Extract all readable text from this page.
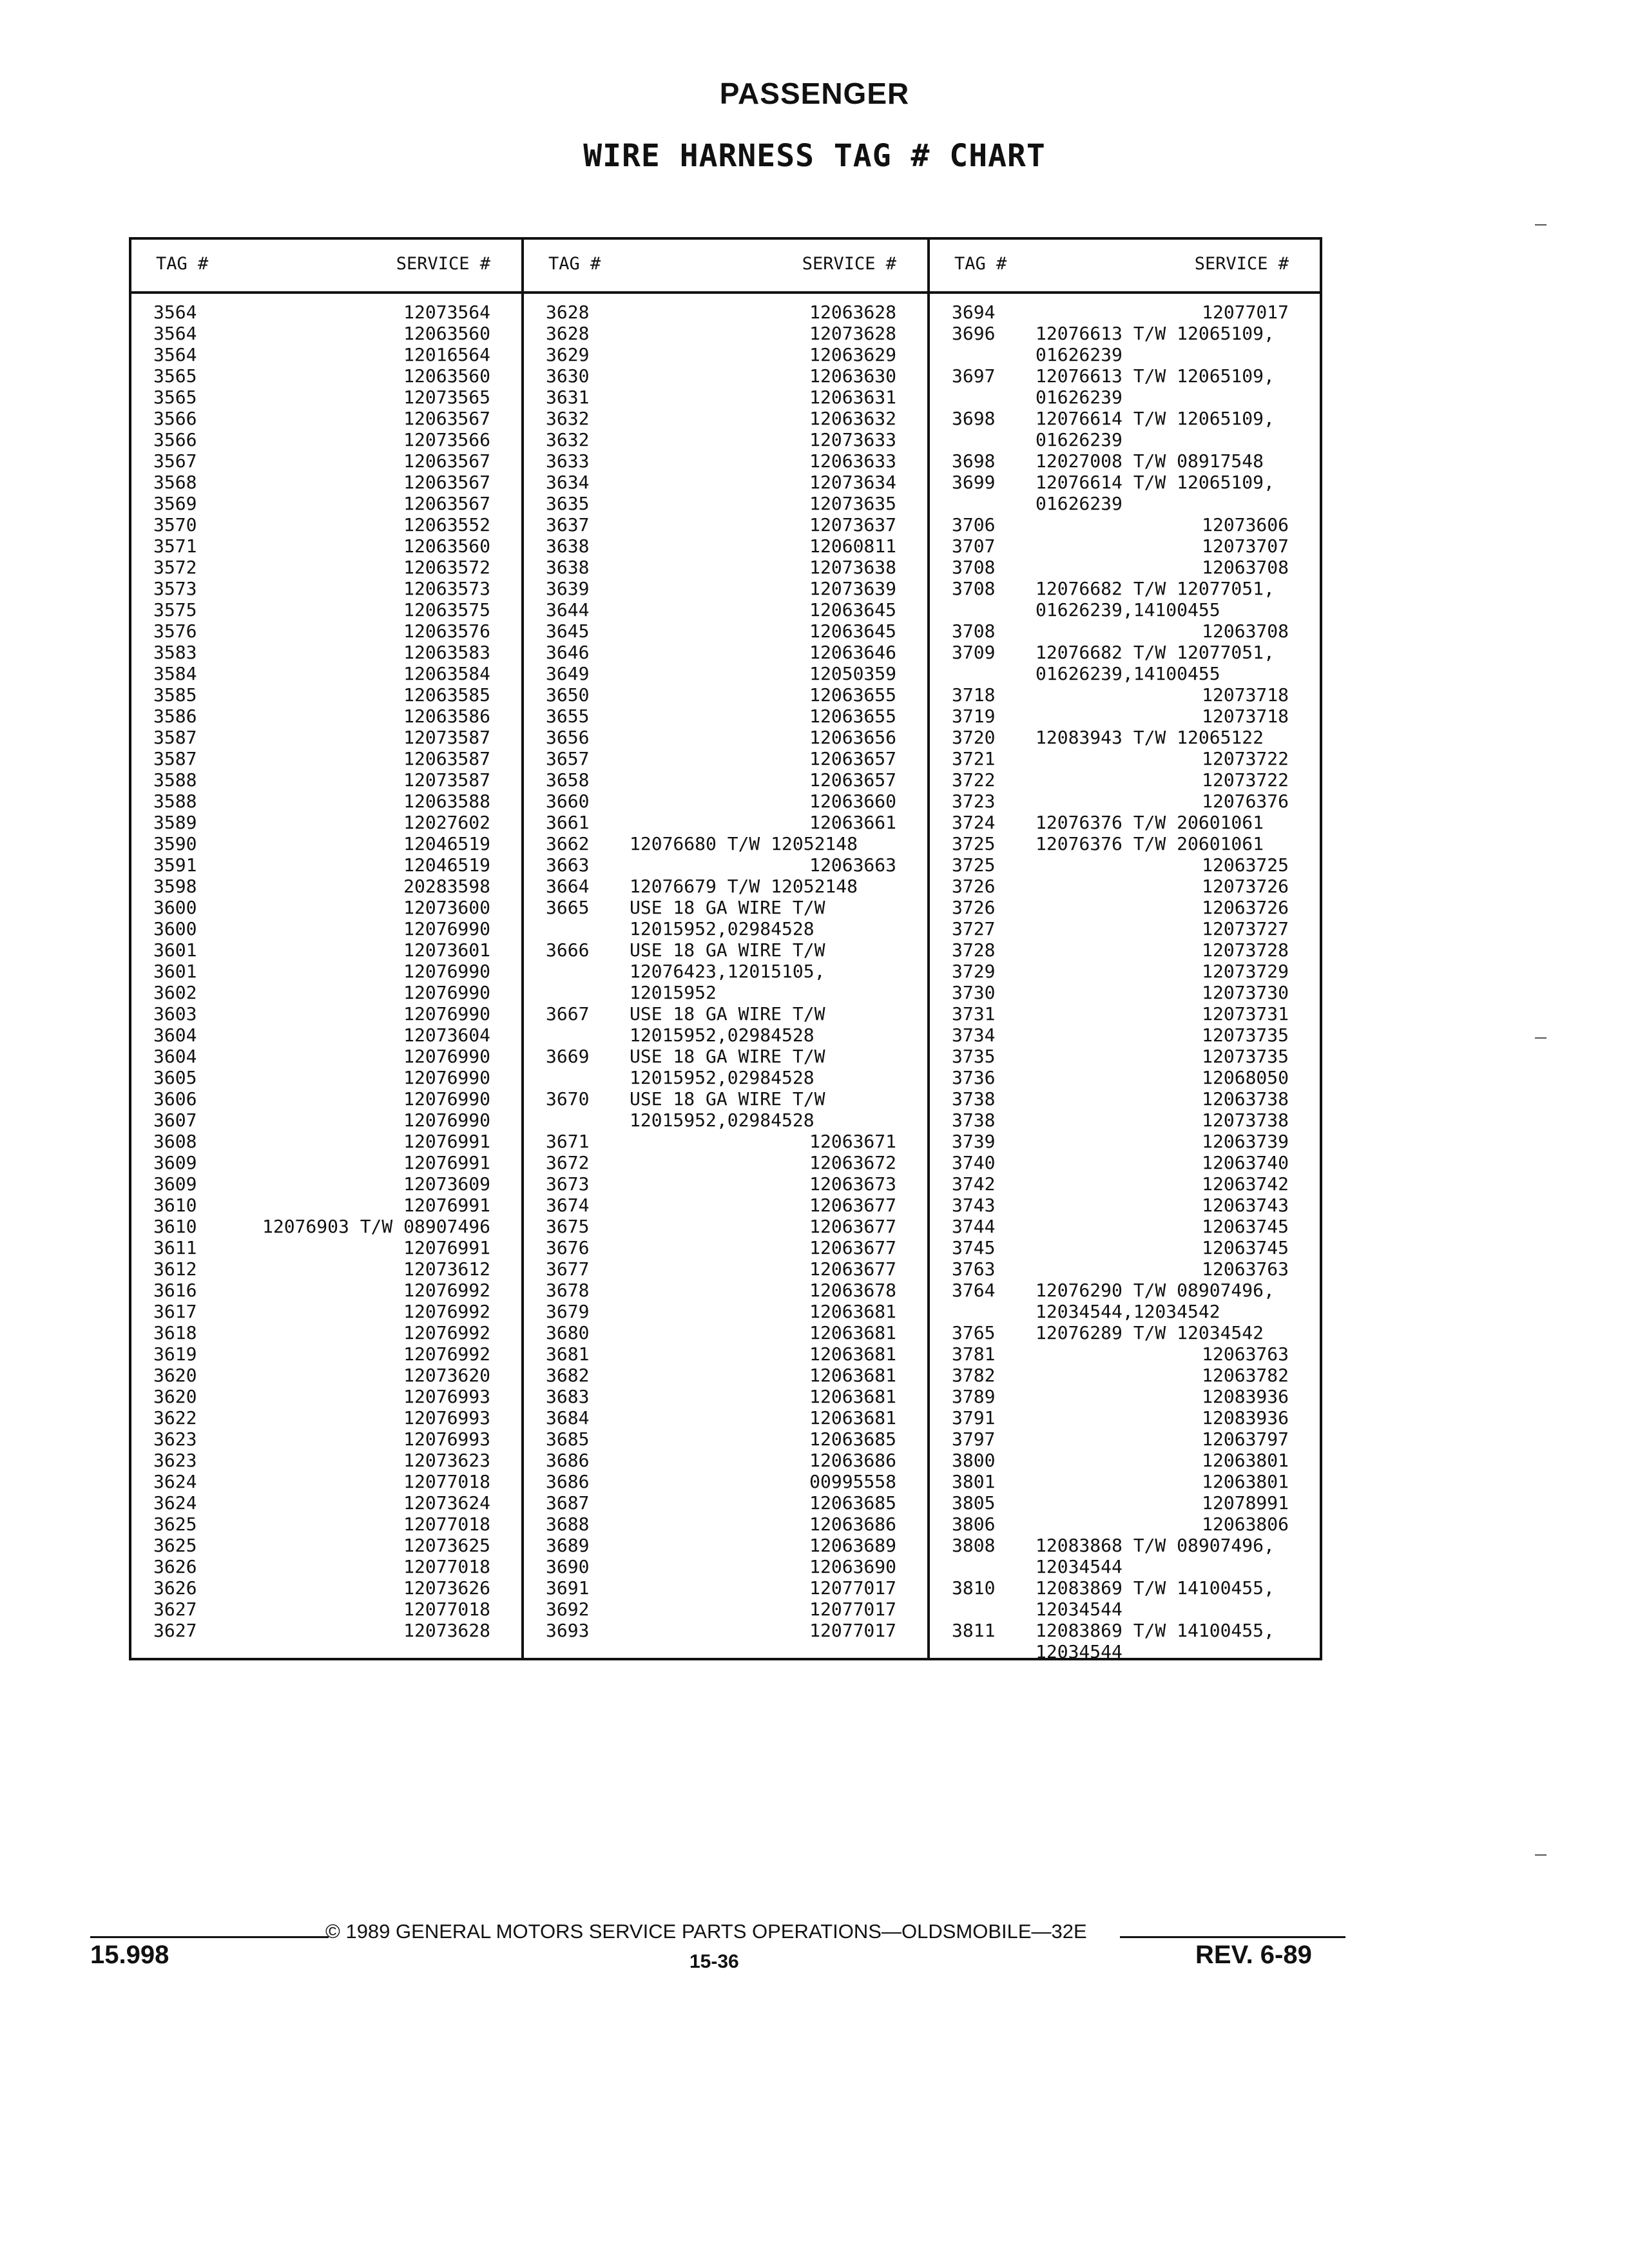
PASSENGER
WIRE HARNESS TAG # CHART
TAG #	SERVICE #
3564	12073564
3564	12063560
3564	12016564
3565	12063560
3565	12073565
3566	12063567
3566	12073566
3567	12063567
3568	12063567
3569	12063567
3570	12063552
3571	12063560
3572	12063572
3573	12063573
3575	12063575
3576	12063576
3583	12063583
3584	12063584
3585	12063585
3586	12063586
3587	12073587
3587	12063587
3588	12073587
3588	12063588
3589	12027602
3590	12046519
3591	12046519
3598	20283598
3600	12073600
3600	12076990
3601	12073601
3601	12076990
3602	12076990
3603	12076990
3604	12073604
3604	12076990
3605	12076990
3606	12076990
3607	12076990
3608	12076991
3609	12076991
3609	12073609
3610	12076991
3610	12076903 T/W 08907496
3611	12076991
3612	12073612
3616	12076992
3617	12076992
3618	12076992
3619	12076992
3620	12073620
3620	12076993
3622	12076993
3623	12076993
3623	12073623
3624	12077018
3624	12073624
3625	12077018
3625	12073625
3626	12077018
3626	12073626
3627	12077018
3627	12073628
TAG #	SERVICE #
3628	12063628
3628	12073628
3629	12063629
3630	12063630
3631	12063631
3632	12063632
3632	12073633
3633	12063633
3634	12073634
3635	12073635
3637	12073637
3638	12060811
3638	12073638
3639	12073639
3644	12063645
3645	12063645
3646	12063646
3649	12050359
3650	12063655
3655	12063655
3656	12063656
3657	12063657
3658	12063657
3660	12063660
3661	12063661
3662	12076680 T/W 12052148
3663	12063663
3664	12076679 T/W 12052148
3665	USE 18 GA WIRE T/W
12015952,02984528
3666	USE 18 GA WIRE T/W
12076423,12015105,
12015952
3667	USE 18 GA WIRE T/W
12015952,02984528
3669	USE 18 GA WIRE T/W
12015952,02984528
3670	USE 18 GA WIRE T/W
12015952,02984528
3671	12063671
3672	12063672
3673	12063673
3674	12063677
3675	12063677
3676	12063677
3677	12063677
3678	12063678
3679	12063681
3680	12063681
3681	12063681
3682	12063681
3683	12063681
3684	12063681
3685	12063685
3686	12063686
3686	00995558
3687	12063685
3688	12063686
3689	12063689
3690	12063690
3691	12077017
3692	12077017
3693	12077017
TAG #	SERVICE #
3694	12077017
3696	12076613 T/W 12065109,
01626239
3697	12076613 T/W 12065109,
01626239
3698	12076614 T/W 12065109,
01626239
3698	12027008 T/W 08917548
3699	12076614 T/W 12065109,
01626239
3706	12073606
3707	12073707
3708	12063708
3708	12076682 T/W 12077051,
01626239,14100455
3708	12063708
3709	12076682 T/W 12077051,
01626239,14100455
3718	12073718
3719	12073718
3720	12083943 T/W 12065122
3721	12073722
3722	12073722
3723	12076376
3724	12076376 T/W 20601061
3725	12076376 T/W 20601061
3725	12063725
3726	12073726
3726	12063726
3727	12073727
3728	12073728
3729	12073729
3730	12073730
3731	12073731
3734	12073735
3735	12073735
3736	12068050
3738	12063738
3738	12073738
3739	12063739
3740	12063740
3742	12063742
3743	12063743
3744	12063745
3745	12063745
3763	12063763
3764	12076290 T/W 08907496,
12034544,12034542
3765	12076289 T/W 12034542
3781	12063763
3782	12063782
3789	12083936
3791	12083936
3797	12063797
3800	12063801
3801	12063801
3805	12078991
3806	12063806
3808	12083868 T/W 08907496,
12034544
3810	12083869 T/W 14100455,
12034544
3811	12083869 T/W 14100455,
12034544
© 1989 GENERAL MOTORS SERVICE PARTS OPERATIONS—OLDSMOBILE—32E
15.998	15-36	REV. 6-89
